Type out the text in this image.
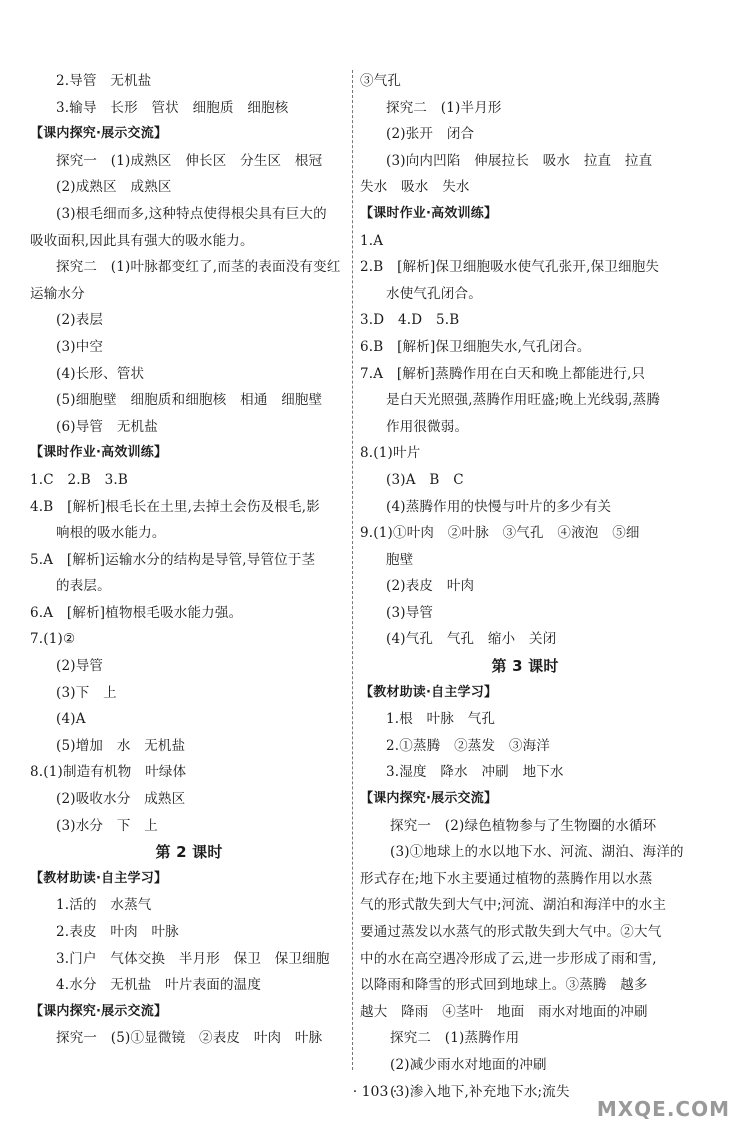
2.导管　无机盐
3.输导　长形　管状　细胞质　细胞核
【课内探究·展示交流】
探究一　(1)成熟区　伸长区　分生区　根冠
(2)成熟区　成熟区
(3)根毛细而多,这种特点使得根尖具有巨大的
吸收面积,因此具有强大的吸水能力。
探究二　(1)叶脉都变红了,而茎的表面没有变红
运输水分
(2)表层
(3)中空
(4)长形、管状
(5)细胞壁　细胞质和细胞核　相通　细胞壁
(6)导管　无机盐
【课时作业·高效训练】
1.C　2.B　3.B
4.B　[解析]根毛长在土里,去掉土会伤及根毛,影
响根的吸水能力。
5.A　[解析]运输水分的结构是导管,导管位于茎
的表层。
6.A　[解析]植物根毛吸水能力强。
7.(1)②
(2)导管
(3)下　上
(4)A
(5)增加　水　无机盐
8.(1)制造有机物　叶绿体
(2)吸收水分　成熟区
(3)水分　下　上
第 2 课时
【教材助读·自主学习】
1.活的　水蒸气
2.表皮　叶肉　叶脉
3.门户　气体交换　半月形　保卫　保卫细胞
4.水分　无机盐　叶片表面的温度
【课内探究·展示交流】
探究一　(5)①显微镜　②表皮　叶肉　叶脉
③气孔
探究二　(1)半月形
(2)张开　闭合
(3)向内凹陷　伸展拉长　吸水　拉直　拉直
失水　吸水　失水
【课时作业·高效训练】
1.A
2.B　[解析]保卫细胞吸水使气孔张开,保卫细胞失
水使气孔闭合。
3.D　4.D　5.B
6.B　[解析]保卫细胞失水,气孔闭合。
7.A　[解析]蒸腾作用在白天和晚上都能进行,只
是白天光照强,蒸腾作用旺盛;晚上光线弱,蒸腾
作用很微弱。
8.(1)叶片
(3)A　B　C
(4)蒸腾作用的快慢与叶片的多少有关
9.(1)①叶肉　②叶脉　③气孔　④液泡　⑤细
胞壁
(2)表皮　叶肉
(3)导管
(4)气孔　气孔　缩小　关闭
第 3 课时
【教材助读·自主学习】
1.根　叶脉　气孔
2.①蒸腾　②蒸发　③海洋
3.湿度　降水　冲刷　地下水
【课内探究·展示交流】
探究一　(2)绿色植物参与了生物圈的水循环
(3)①地球上的水以地下水、河流、湖泊、海洋的
形式存在;地下水主要通过植物的蒸腾作用以水蒸
气的形式散失到大气中;河流、湖泊和海洋中的水主
要通过蒸发以水蒸气的形式散失到大气中。②大气
中的水在高空遇冷形成了云,进一步形成了雨和雪,
以降雨和降雪的形式回到地球上。③蒸腾　越多
越大　降雨　④茎叶　地面　雨水对地面的冲刷
探究二　(1)蒸腾作用
(2)减少雨水对地面的冲刷
(3)渗入地下,补充地下水;流失
· 103 ·
MXQE.COM
